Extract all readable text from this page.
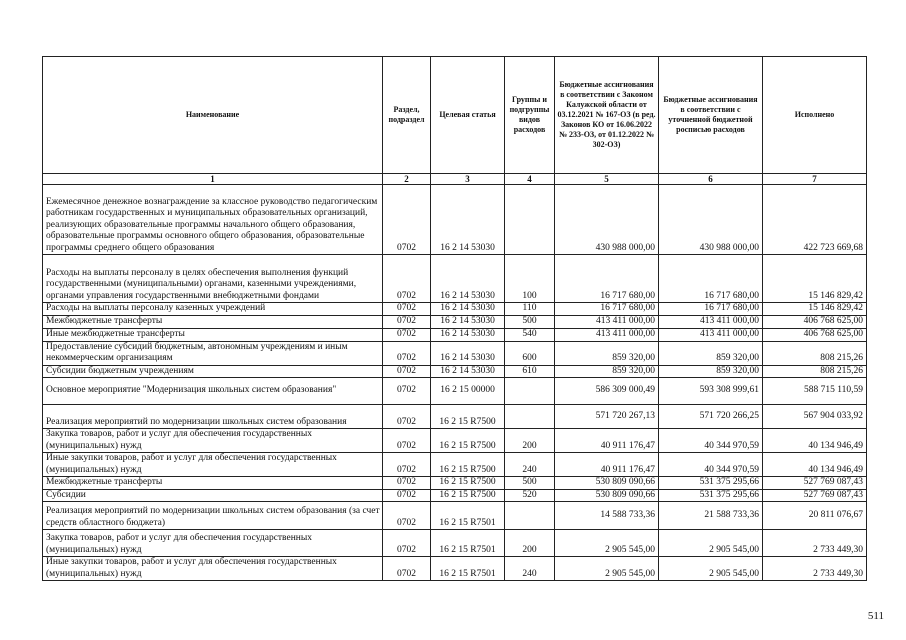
Наименование	Раздел, подраздел	Целевая статья	Группы и подгруппы видов расходов	Бюджетные ассигнования в соответствии с Законом Калужской области от 03.12.2021 № 167-ОЗ (в ред. Законов КО от 16.06.2022 № 233-ОЗ, от 01.12.2022 № 302-ОЗ)	Бюджетные ассигнования в соответствии с уточненной бюджетной росписью расходов	Исполнено
1	2	3	4	5	6	7
Ежемесячное денежное вознаграждение за классное руководство педагогическим работникам государственных и муниципальных образовательных организаций, реализующих образовательные программы начального общего образования, образовательные программы основного общего образования, образовательные программы среднего общего образования	0702	16 2 14 53030		430 988 000,00	430 988 000,00	422 723 669,68
Расходы на выплаты персоналу в целях обеспечения выполнения функций государственными (муниципальными) органами, казенными учреждениями, органами управления государственными внебюджетными фондами	0702	16 2 14 53030	100	16 717 680,00	16 717 680,00	15 146 829,42
Расходы на выплаты персоналу казенных учреждений	0702	16 2 14 53030	110	16 717 680,00	16 717 680,00	15 146 829,42
Межбюджетные трансферты	0702	16 2 14 53030	500	413 411 000,00	413 411 000,00	406 768 625,00
Иные межбюджетные трансферты	0702	16 2 14 53030	540	413 411 000,00	413 411 000,00	406 768 625,00
Предоставление субсидий бюджетным, автономным учреждениям и иным некоммерческим организациям	0702	16 2 14 53030	600	859 320,00	859 320,00	808 215,26
Субсидии бюджетным учреждениям	0702	16 2 14 53030	610	859 320,00	859 320,00	808 215,26
Основное мероприятие "Модернизация школьных систем образования"	0702	16 2 15 00000		586 309 000,49	593 308 999,61	588 715 110,59
Реализация мероприятий по модернизации школьных систем образования	0702	16 2 15 R7500		571 720 267,13	571 720 266,25	567 904 033,92
Закупка товаров, работ и услуг для обеспечения государственных (муниципальных) нужд	0702	16 2 15 R7500	200	40 911 176,47	40 344 970,59	40 134 946,49
Иные закупки товаров, работ и услуг для обеспечения государственных (муниципальных) нужд	0702	16 2 15 R7500	240	40 911 176,47	40 344 970,59	40 134 946,49
Межбюджетные трансферты	0702	16 2 15 R7500	500	530 809 090,66	531 375 295,66	527 769 087,43
Субсидии	0702	16 2 15 R7500	520	530 809 090,66	531 375 295,66	527 769 087,43
Реализация мероприятий по модернизации школьных систем образования (за счет средств областного бюджета)	0702	16 2 15 R7501		14 588 733,36	21 588 733,36	20 811 076,67
Закупка товаров, работ и услуг для обеспечения государственных (муниципальных) нужд	0702	16 2 15 R7501	200	2 905 545,00	2 905 545,00	2 733 449,30
Иные закупки товаров, работ и услуг для обеспечения государственных (муниципальных) нужд	0702	16 2 15 R7501	240	2 905 545,00	2 905 545,00	2 733 449,30
511
